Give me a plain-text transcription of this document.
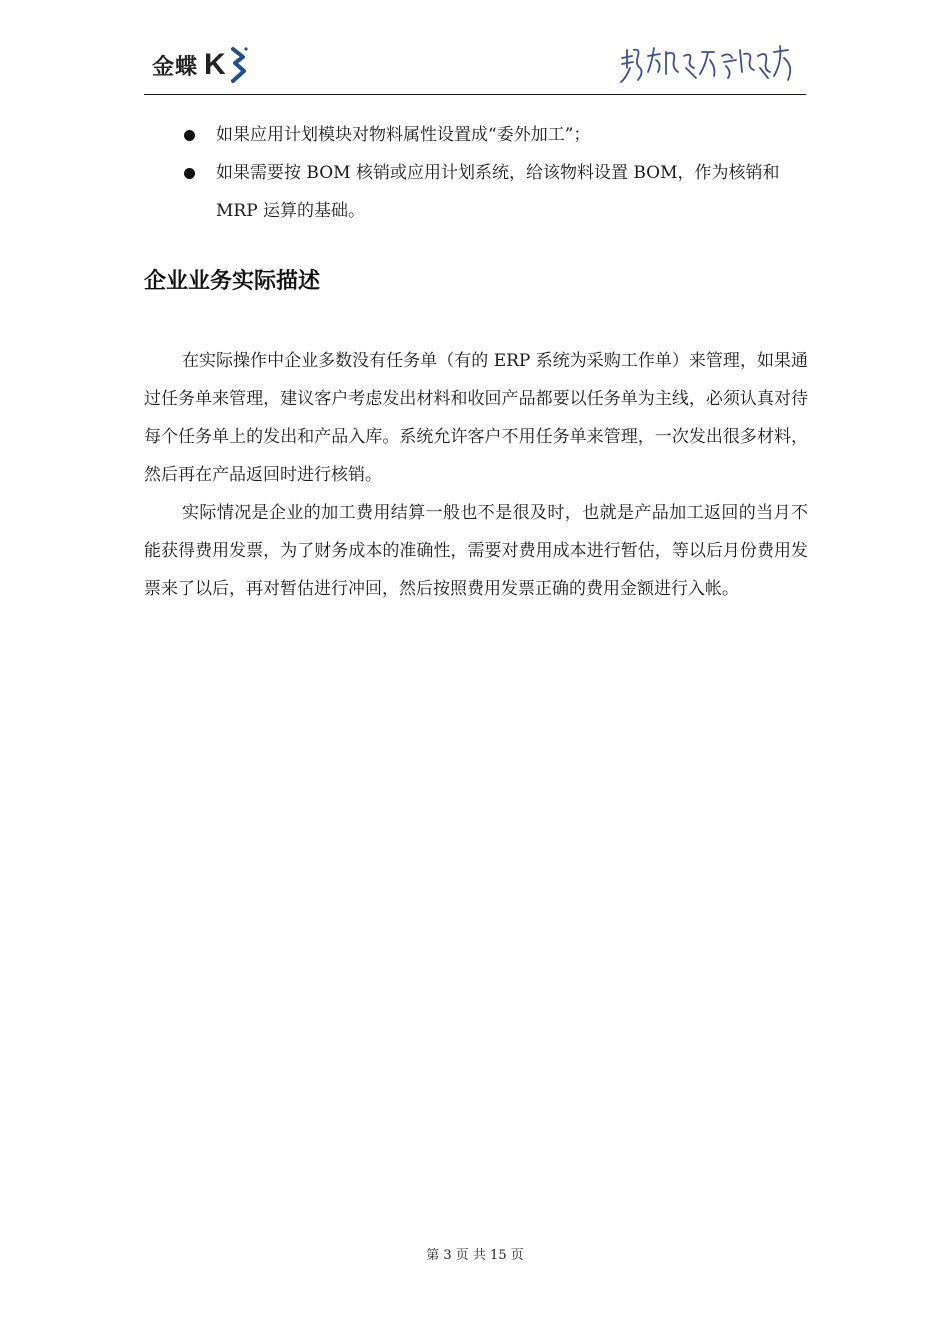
金蝶 K
如果应用计划模块对物料属性设置成“委外加工”；
如果需要按 BOM 核销或应用计划系统，给该物料设置 BOM，作为核销和 MRP 运算的基础。
企业业务实际描述

在实际操作中企业多数没有任务单（有的 ERP 系统为采购工作单）来管理，如果通过任务单来管理，建议客户考虑发出材料和收回产品都要以任务单为主线，必须认真对待每个任务单上的发出和产品入库。系统允许客户不用任务单来管理，一次发出很多材料，然后再在产品返回时进行核销。

实际情况是企业的加工费用结算一般也不是很及时，也就是产品加工返回的当月不能获得费用发票，为了财务成本的准确性，需要对费用成本进行暂估，等以后月份费用发票来了以后，再对暂估进行冲回，然后按照费用发票正确的费用金额进行入帐。

第 3 页 共 15 页
